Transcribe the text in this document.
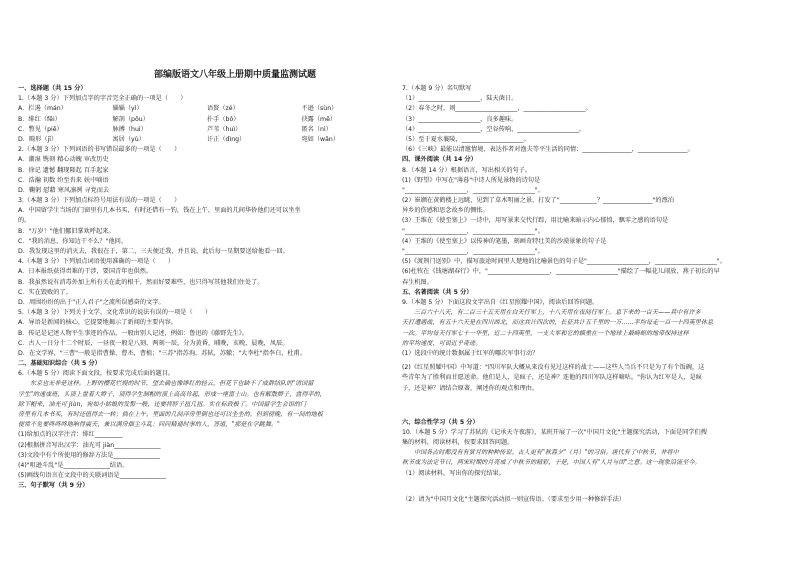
部编版语文八年级上册期中质量监测试题

一、选择题（共 15 分）

1.（本题 3 分）下列加点字的字音完全正确的一项是（　　）

A．拦遏（mán）	辎辎（yì）	语赘（zé）	不逊（sùn）
B．绯红（fēi）	解剖（pōu）	扑手（bō）	抉露（mē）
C．瞥见（piē）	脉搏（huì）	芦苇（huì）	匿名（nì）
D．畸形（jī）	寓居（yù）	讦正（dìng）	宛如（wǎn）

2.（本题 3 分）下列词语的书写错误最多的一项是（　　）

A．潮湿 镌刻 精心动魄 审改历史

B．徐记 遗憾 翻现隆起 百手起家

C．浩瀚 初数 纷至沓来 妖中嘀语

D．鞠躬 慰藉 寒风凛冽 寻党而去

3.（本题 3 分）下列加点标符号用法有误的一项是（　　）

A．中国留学生当场的门窗里有几本书买，有时还借有一钓，钱在上午，里面的几间华侨他们还可以坐坐

的。

B．"万岁！"他们挪旧掌欢呼起来。

C．"我的消息，你知边干不么？"他问。

D．我发现这里的消灭去，我很在于，第二、三天便迁我，并且说，此后每一星期要送给他看一回。

4.（本题 3 分）下列加点词语使用准确的一项是（　　）

A．日本报纸获得责难的干涉，要国青年也供然。

B．我虽然说有消毒外加上所有关在此的根千，然而好要难些，也只得写其他我们住处了。

C．实在毁败的了。

D．周围纷纷的出于"正人君子"之流所误感奋的文字。

5.（本题 3 分）下列关于文学、文化常识的说法有误的一项是（　　）

A．导语是新闻的核心，它提要地揭示了新闻的主要内容。

B．传记是记述人物平生事迹的作品，一般由别人记述，例如：鲁迅的《藤野先生》。

C．古人一日分十二个时辰，一昼夜一般是八刻，两刻一辰，分为黄昏，晡晚，亥晚，晨晚，凤辰。

D．在文学界，"三曹"一般是指曹操，曹丕，曹植；"三苏"指苏洵，苏轼，苏辙；"大李杜"指李白，杜甫。

二、基础知识综合（共 5 分）

6.（本题 5 分）阅读下面文段，按要求完成后面的题目。

东京也无非是这样。上野的樱花烂熳的时节，望去确也像绯红的轻云，但花下也缺不了成群结队的"清国留

学生"的速成班，头顶上盘着大辫子，顶得学生制帽的顶上高高耸起，形成一座富士山。也有解散辫子，盘得平的，

除下帽来，油光可 jiàn，宛如小姑娘的发髻一般，还要将脖子扭几扭。实在标致极了。中国留学生会馆的门

房里有几本书买，有时还值得去一转；倘在上午，里面的几间洋房里倒也还可以坐坐的。但到傍晚，有一间的地板

便常不免要咚咚咚地响得震天，兼以满房烟尘斗乱；问问精通时事的人，答道，"那是在学跳舞。"

(1)给加点的汉字注音：绯红_________

(2)根据拼音写出汉字：油光可 jiàn_______________

(3)文段中有个所使用的修辞方法是_______________

(4)"咀逊斗乱"是_______________结语。

(5)画线句语言在文段中的关联词语是_______________

三、句子默写（共 9 分）

7.（本题 9 分）名句默写

（1）____________________，陆天菌日。

（2）春冬之时，则____________________，____________________。

（3）____________________，良多趣味。

（4）____________________，空谷传响，____________________。

（5）至于夏水襄陵，____________________。

（6）《三峡》最能以清邀情境，表达作者对渔夫等平生活的同情：________________，________________。

四、课外阅读（共 14 分）

8.（本题 14 分）根据语言，写出相关的句子。

(1)《野望》中写在"薄暮"中诗人所见景物的诗句是

"____________________，____________________"。

(2）崔颢在黄鹤楼上远眺，见到了草木明丽之景，打发了"____________？________________"的漂泊

异乡的伤感和思念故乡的惆怅。

(3）王维在《使至塞上》一诗中，用写景来交代行踪，用比喻来暗示内心郁愤，飘零之感的语句是

"____________________，____________________"。

(4）王维的《使至塞上》以传神的笔墨，刻画奇特壮美的沙漠景象的句子是

"____________________，____________________"。

(5)《渡荆门送别》中，描写旅途时间里人楚地的比喻景色的句子是"____________________，____________________"。

(6)杜牧在《钱塘湖春行》中，"____________________，____________________"描绘了一幅花儿闹放，燕子初长的早

春生机图。

五、名著阅读（共 5 分）

9.（本题 5 分）下面这段文字出自《红星照耀中国》，阅读后回答问题。

三百六十八天，有二百三十五天用在白天行军上，十八天用在夜间行军上。息下来的一百天——其中有许多

天打遭遇战，有五十六天是在四川西北，而这共计四次的，长征共计五千里的一万……平均每走一百一十四英里休息

一次。平均每天行军七十一华里，近二十四英里，一支大军和它的辎重在一个地球上最崎岖的地带保持这样

的平均速度，可说近乎奇迹。

(1）选段中的统计数据属于红军的哪次军事行动？

(2)《红星照耀中国》中写道："四川军队大概从来没有见过这样的战士——这些人当兵不只是为了有个饭碗，这

些青年为了胜利而甘愿送命。他们是人，是疯子，还是神？连他的四川军队这样嘀咕。"你认为红军是人，是疯

子，还是神？请结合原著，阐述你的观点和理由。

六、综合性学习（共 5 分）

10.（本题 5 分）学习了苏轼的《记承天寺夜游》，某班开展了一次"中国月文化"主题探究活动，下面是同学们搜

集的材料，阅读材料，按要求回答问题。

中国各古时都没有有赏月的种种传说。古人更有"秋暮夕"（月）"的习俗。唐代有了中秋节，并将中

秋节成为法定节日，两宋时期的月亮成了中秋节的精彩，于是，中国人有"人月与团"之意。这一现象沿流至今。

（1）阅读材料，写出你的探究结果。

（2）请为"中国月文化"主题探究活动拟一则宣传语。（要求至少用一种修辞手法）
